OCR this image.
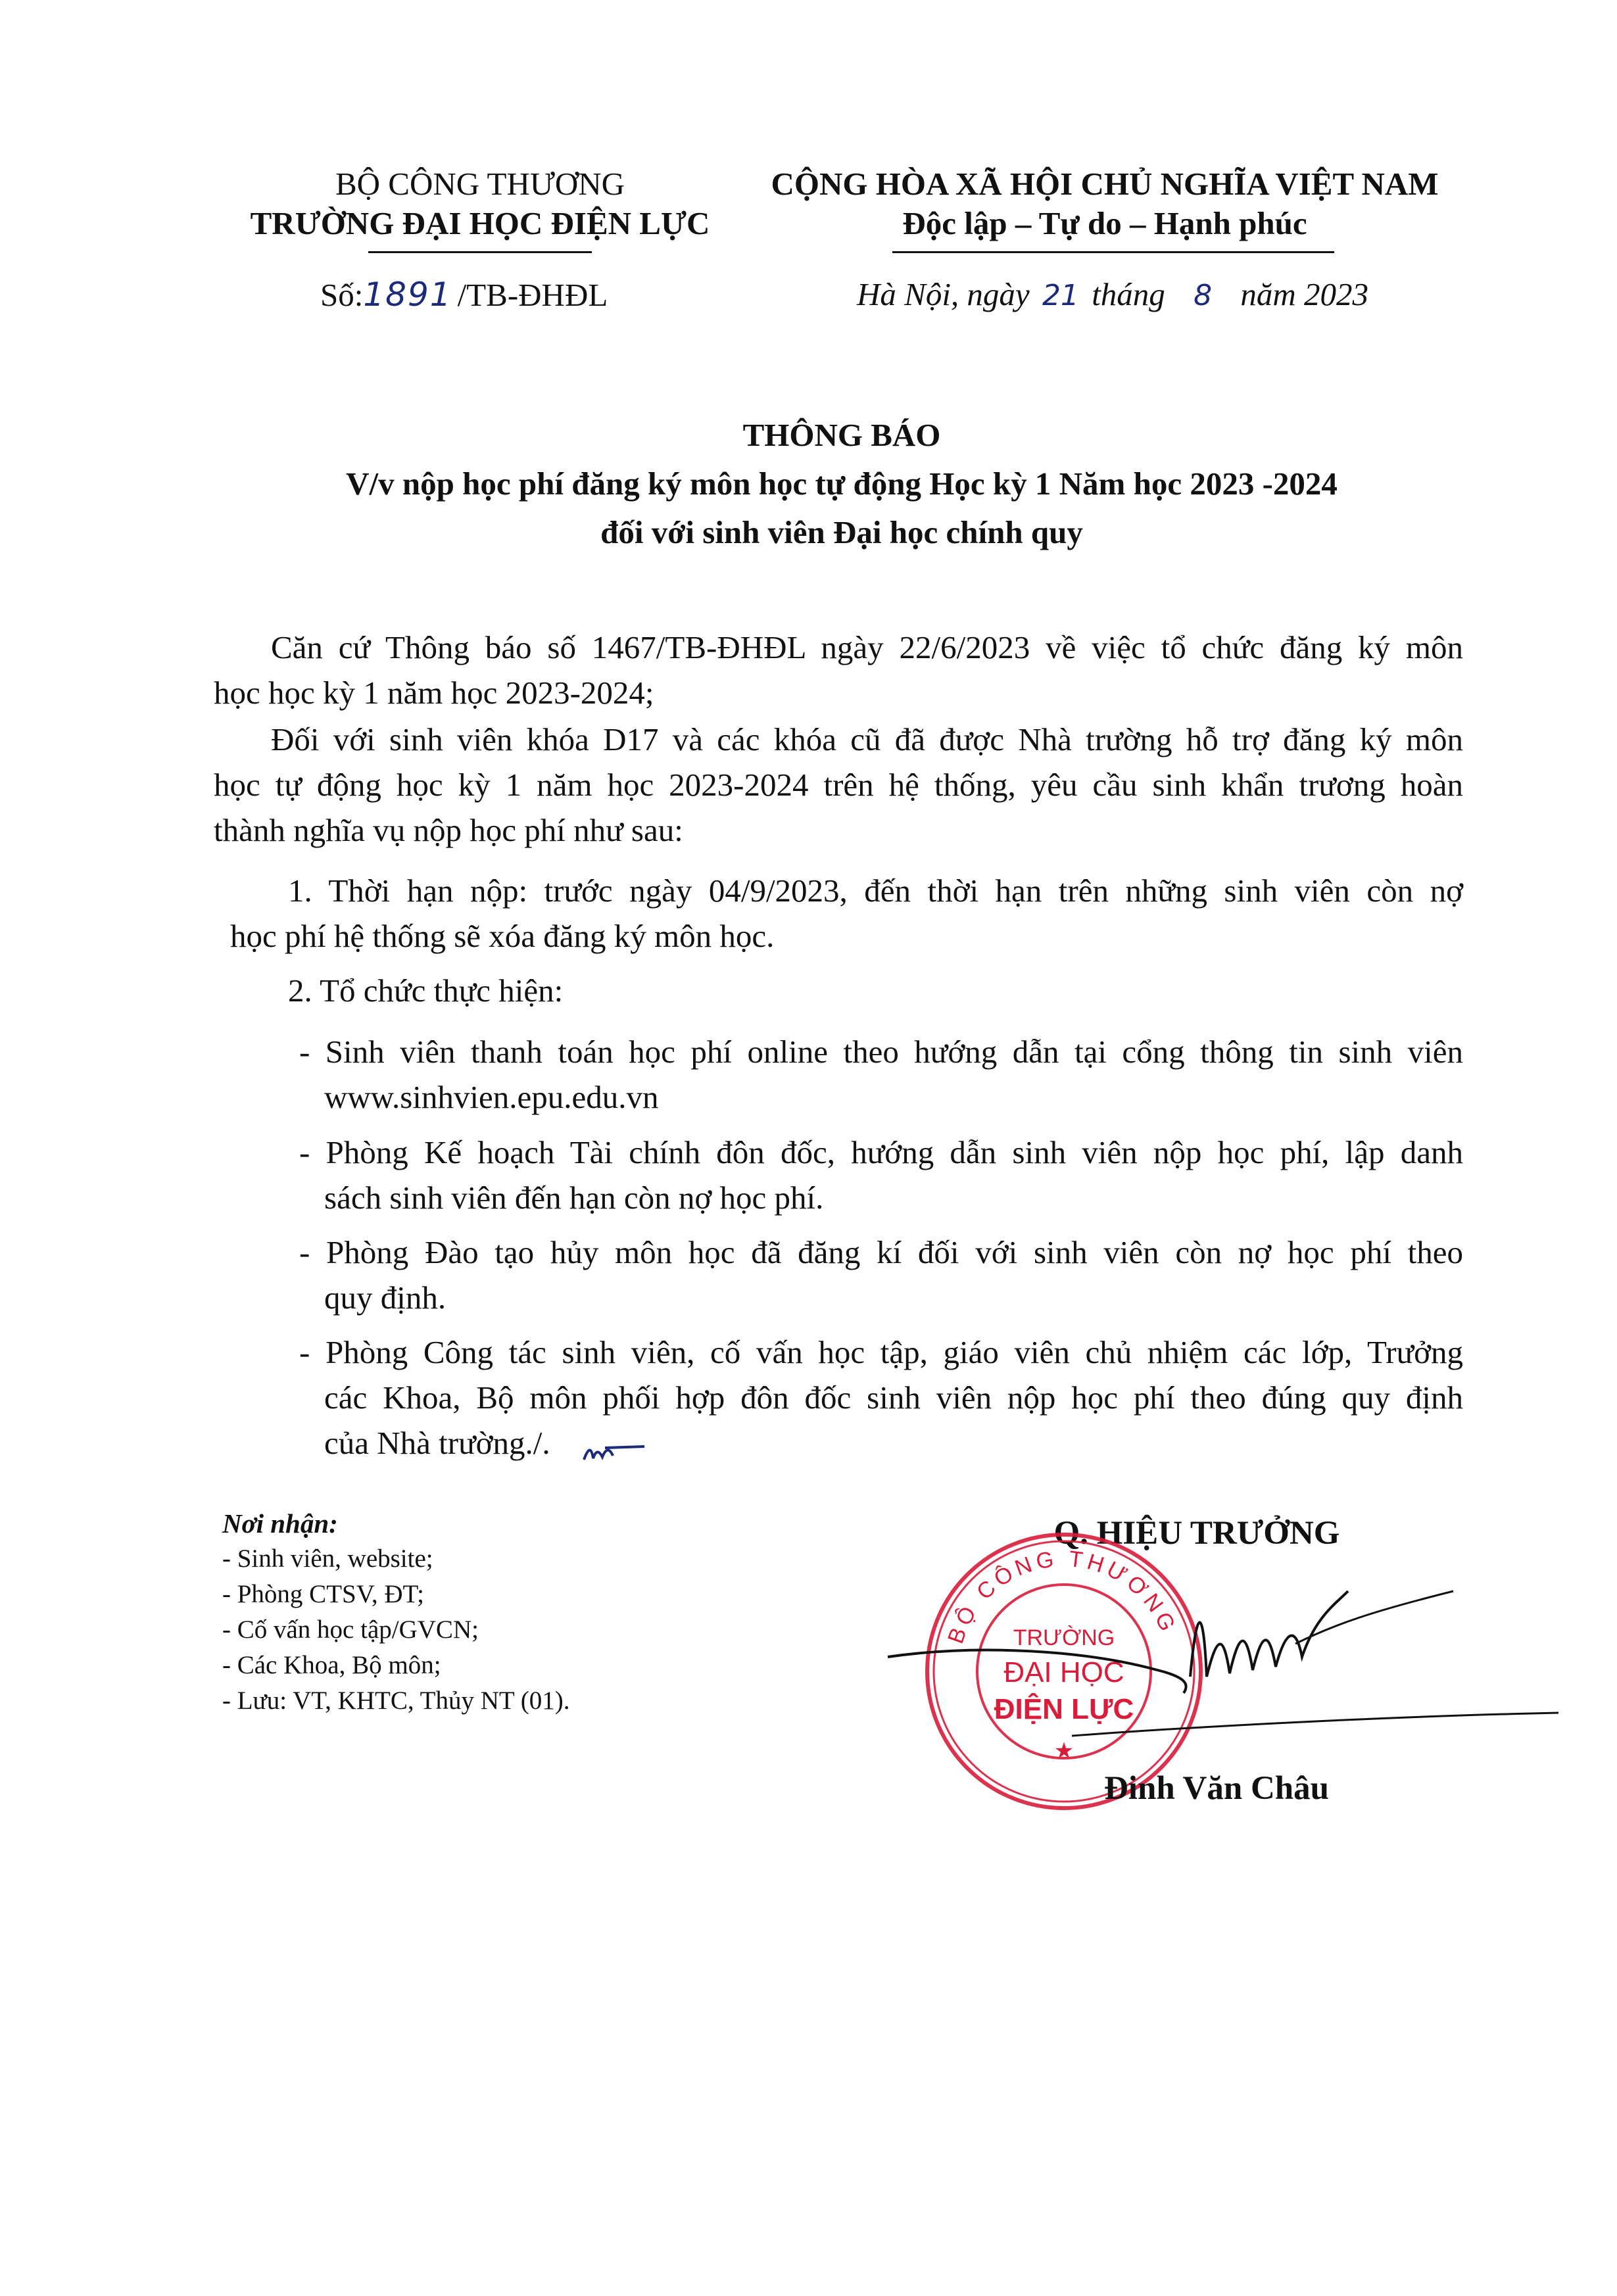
BỘ CÔNG THƯƠNG
TRƯỜNG ĐẠI HỌC ĐIỆN LỰC
Số:1891 /TB-ĐHĐL
CỘNG HÒA XÃ HỘI CHỦ NGHĨA VIỆT NAM
Độc lập – Tự do – Hạnh phúc
Hà Nội, ngày 21 tháng 8 năm 2023
THÔNG BÁO
V/v nộp học phí đăng ký môn học tự động Học kỳ 1 Năm học 2023 -2024
đối với sinh viên Đại học chính quy
Căn cứ Thông báo số 1467/TB-ĐHĐL ngày 22/6/2023 về việc tổ chức đăng ký môn
học học kỳ 1 năm học 2023-2024;
Đối với sinh viên khóa D17 và các khóa cũ đã được Nhà trường hỗ trợ đăng ký môn
học tự động học kỳ 1 năm học 2023-2024 trên hệ thống, yêu cầu sinh khẩn trương hoàn
thành nghĩa vụ nộp học phí như sau:
1. Thời hạn nộp: trước ngày 04/9/2023, đến thời hạn trên những sinh viên còn nợ
học phí hệ thống sẽ xóa đăng ký môn học.
2. Tổ chức thực hiện:
- Sinh viên thanh toán học phí online theo hướng dẫn tại cổng thông tin sinh viên
www.sinhvien.epu.edu.vn
- Phòng Kế hoạch Tài chính đôn đốc, hướng dẫn sinh viên nộp học phí, lập danh
sách sinh viên đến hạn còn nợ học phí.
- Phòng Đào tạo hủy môn học đã đăng kí đối với sinh viên còn nợ học phí theo
quy định.
- Phòng Công tác sinh viên, cố vấn học tập, giáo viên chủ nhiệm các lớp, Trưởng
các Khoa, Bộ môn phối hợp đôn đốc sinh viên nộp học phí theo đúng quy định
của Nhà trường./.
Nơi nhận:
- Sinh viên, website;
- Phòng CTSV, ĐT;
- Cố vấn học tập/GVCN;
- Các Khoa, Bộ môn;
- Lưu: VT, KHTC, Thủy NT (01).
Q. HIỆU TRƯỞNG
BỘ CÔNG THƯƠNG
TRƯỜNG
ĐẠI HỌC
ĐIỆN LỰC
★
Đinh Văn Châu
